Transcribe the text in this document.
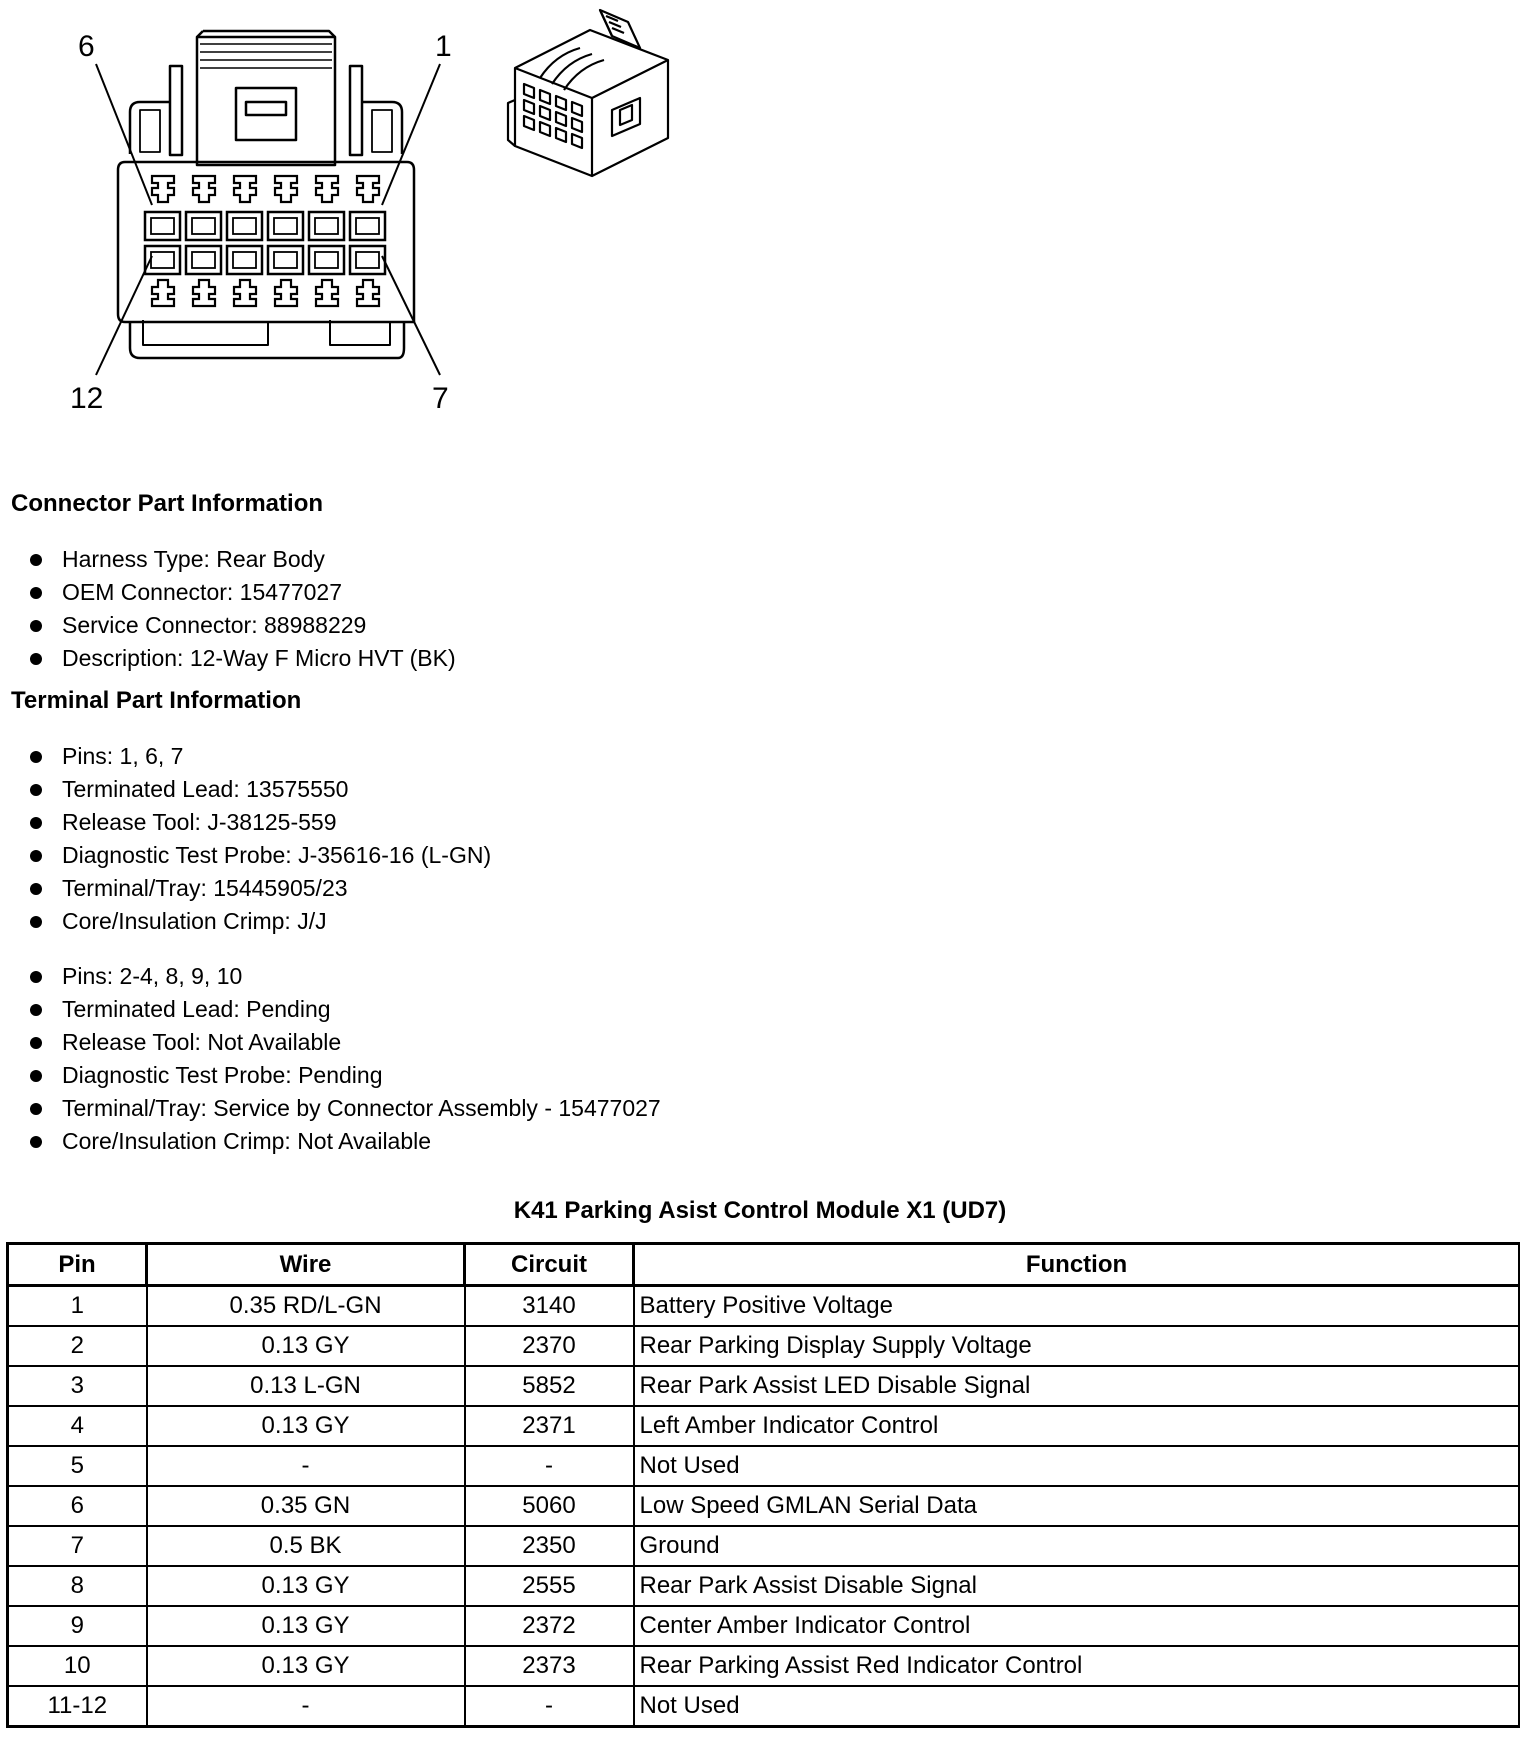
6	1
12	7
Connector Part Information
Harness Type: Rear Body
OEM Connector: 15477027
Service Connector: 88988229
Description: 12-Way F Micro HVT (BK)
Terminal Part Information
Pins: 1, 6, 7
Terminated Lead: 13575550
Release Tool: J-38125-559
Diagnostic Test Probe: J-35616-16 (L-GN)
Terminal/Tray: 15445905/23
Core/Insulation Crimp: J/J
Pins: 2-4, 8, 9, 10
Terminated Lead: Pending
Release Tool: Not Available
Diagnostic Test Probe: Pending
Terminal/Tray: Service by Connector Assembly - 15477027
Core/Insulation Crimp: Not Available
K41 Parking Asist Control Module X1 (UD7)
Pin	Wire	Circuit	Function
1	0.35 RD/L-GN	3140	Battery Positive Voltage
2	0.13 GY	2370	Rear Parking Display Supply Voltage
3	0.13 L-GN	5852	Rear Park Assist LED Disable Signal
4	0.13 GY	2371	Left Amber Indicator Control
5	-	-	Not Used
6	0.35 GN	5060	Low Speed GMLAN Serial Data
7	0.5 BK	2350	Ground
8	0.13 GY	2555	Rear Park Assist Disable Signal
9	0.13 GY	2372	Center Amber Indicator Control
10	0.13 GY	2373	Rear Parking Assist Red Indicator Control
11-12	-	-	Not Used
